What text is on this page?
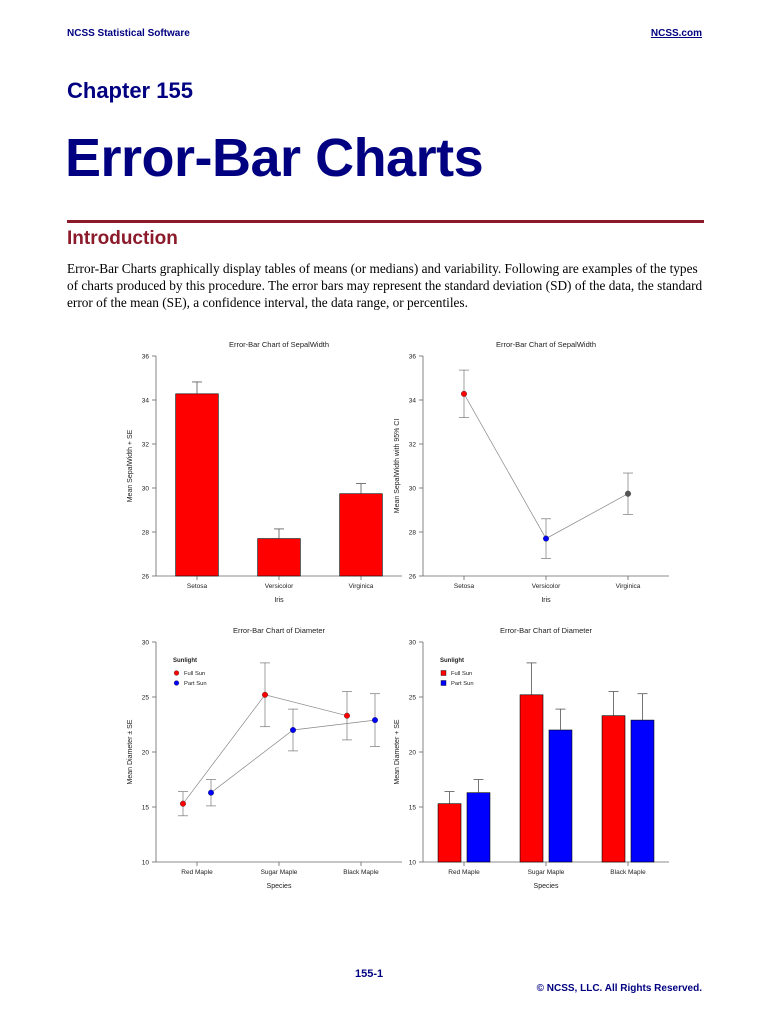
NCSS Statistical Software	NCSS.com
Chapter 155
Error-Bar Charts
Introduction

Error-Bar Charts graphically display tables of means (or medians) and variability. Following are examples of the types of charts produced by this procedure. The error bars may represent the standard deviation (SD) of the data, the standard error of the mean (SE), a confidence interval, the data range, or percentiles.

Error-Bar Chart of SepalWidth
26
28
30
32
34
36
Setosa	Versicolor	Virginica
Iris
Mean SepalWidth + SE
Error-Bar Chart of SepalWidth
26
28
30
32
34
36
Setosa	Versicolor	Virginica
Iris
Mean SepalWidth with 95% CI
Error-Bar Chart of Diameter
10
15
20
25
30
Red Maple	Sugar Maple	Black Maple
Species
Mean Diameter ± SE
Sunlight
Full Sun
Part Sun
Error-Bar Chart of Diameter
10
15
20
25
30
Red Maple	Sugar Maple	Black Maple
Species
Mean Diameter + SE
Sunlight
Full Sun
Part Sun
155-1
© NCSS, LLC. All Rights Reserved.
